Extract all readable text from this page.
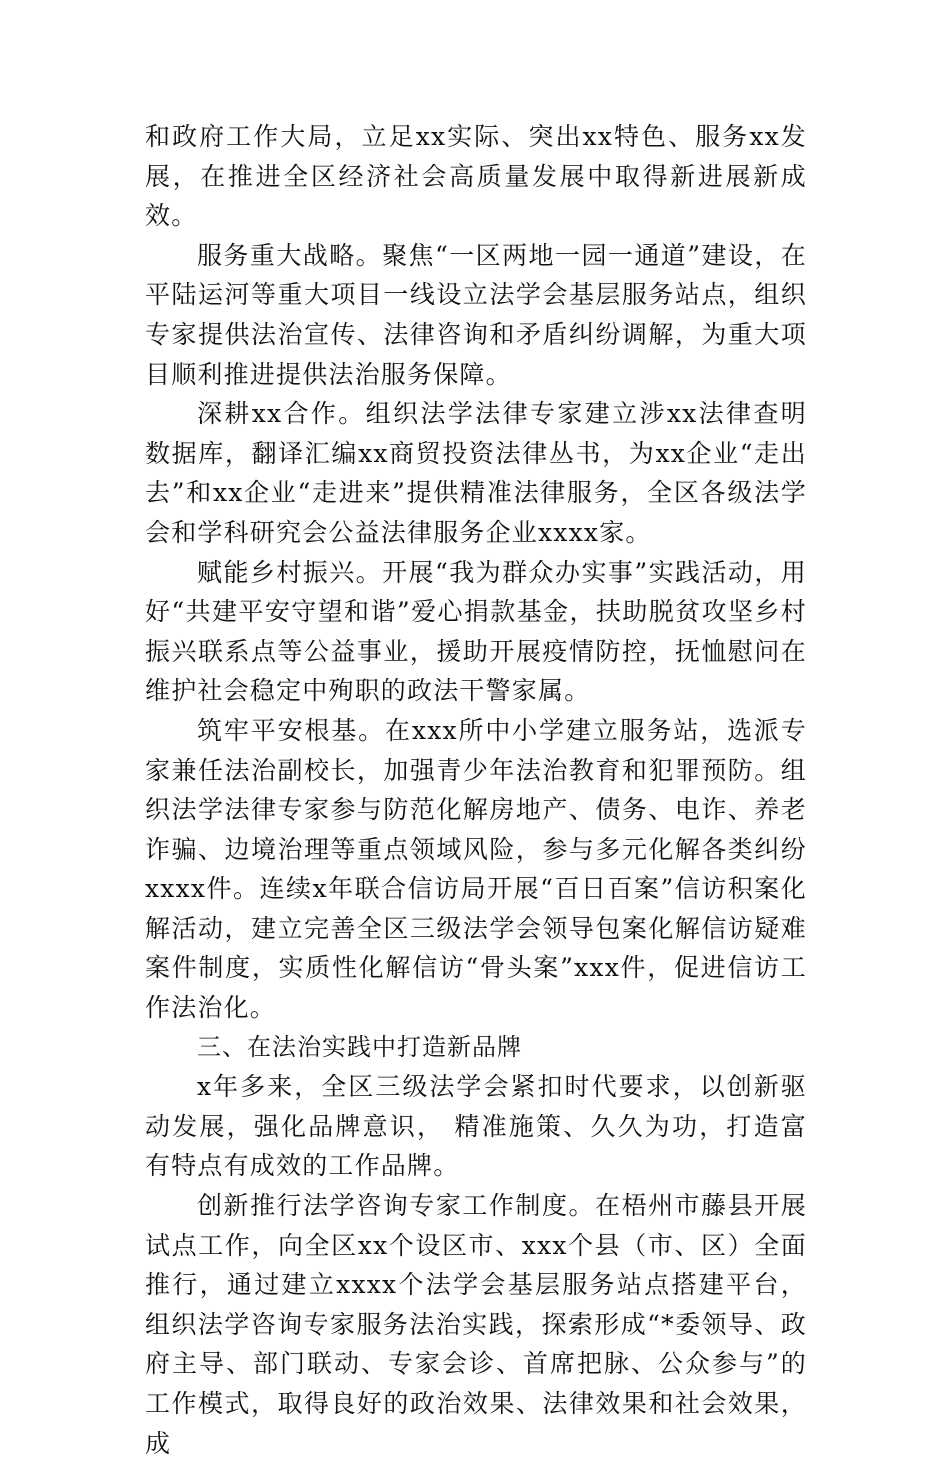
和政府工作大局，立足xx实际、突出xx特色、服务xx发展，在推进全区经济社会高质量发展中取得新进展新成效。

服务重大战略。聚焦“一区两地一园一通道”建设，在平陆运河等重大项目一线设立法学会基层服务站点，组织专家提供法治宣传、法律咨询和矛盾纠纷调解，为重大项目顺利推进提供法治服务保障。

深耕xx合作。组织法学法律专家建立涉xx法律查明数据库，翻译汇编xx商贸投资法律丛书，为xx企业“走出去”和xx企业“走进来”提供精准法律服务，全区各级法学会和学科研究会公益法律服务企业xxxx家。

赋能乡村振兴。开展“我为群众办实事”实践活动，用好“共建平安守望和谐”爱心捐款基金，扶助脱贫攻坚乡村振兴联系点等公益事业，援助开展疫情防控，抚恤慰问在维护社会稳定中殉职的政法干警家属。

筑牢平安根基。在xxx所中小学建立服务站，选派专家兼任法治副校长，加强青少年法治教育和犯罪预防。组织法学法律专家参与防范化解房地产、债务、电诈、养老诈骗、边境治理等重点领域风险，参与多元化解各类纠纷xxxx件。连续x年联合信访局开展“百日百案”信访积案化解活动，建立完善全区三级法学会领导包案化解信访疑难案件制度，实质性化解信访“骨头案”xxx件，促进信访工作法治化。

三、在法治实践中打造新品牌

x年多来，全区三级法学会紧扣时代要求，以创新驱动发展，强化品牌意识， 精准施策、久久为功，打造富有特点有成效的工作品牌。

创新推行法学咨询专家工作制度。在梧州市藤县开展试点工作，向全区xx个设区市、xxx个县（市、区）全面推行，通过建立xxxx个法学会基层服务站点搭建平台，组织法学咨询专家服务法治实践，探索形成“*委领导、政府主导、部门联动、专家会诊、首席把脉、公众参与”的工作模式，取得良好的政治效果、法律效果和社会效果，成
